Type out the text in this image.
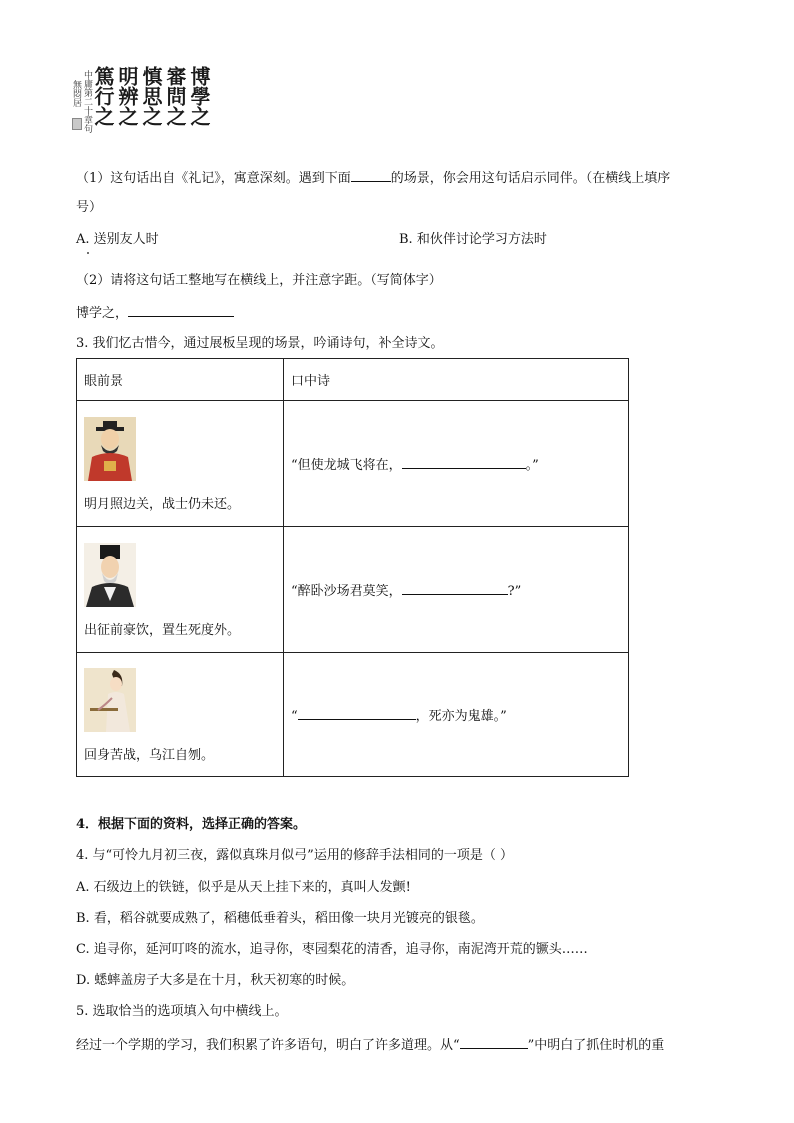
博學之
審問之
慎思之
明辨之
篤行之
中庸第二十章句
無悶居
（1）这句话出自《礼记》，寓意深刻。遇到下面	的场景，你会用这句话启示同伴。（在横线上填序
号）
A. 送别友人时	B. 和伙伴讨论学习方法时
（2）请将这句话工整地写在横线上，并注意字距。（写简体字）
博学之，
3. 我们忆古惜今，通过展板呈现的场景，吟诵诗句，补全诗文。
眼前景	口中诗

明月照边关，战士仍未还。	“但使龙城飞将在， 。”

出征前豪饮，置生死度外。	“醉卧沙场君莫笑， ?”

回身苦战，乌江自刎。	“ ，死亦为鬼雄。”
4．根据下面的资料，选择正确的答案。
4. 与“可怜九月初三夜，露似真珠月似弓”运用的修辞手法相同的一项是（ ）
A. 石级边上的铁链，似乎是从天上挂下来的，真叫人发颤!
B. 看，稻谷就要成熟了，稻穗低垂着头，稻田像一块月光镀亮的银毯。
C. 追寻你，延河叮咚的流水，追寻你，枣园梨花的清香，追寻你，南泥湾开荒的镢头……
D. 蟋蟀盖房子大多是在十月，秋天初寒的时候。
5. 选取恰当的选项填入句中横线上。
经过一个学期的学习，我们积累了许多语句，明白了许多道理。从“	”中明白了抓住时机的重
